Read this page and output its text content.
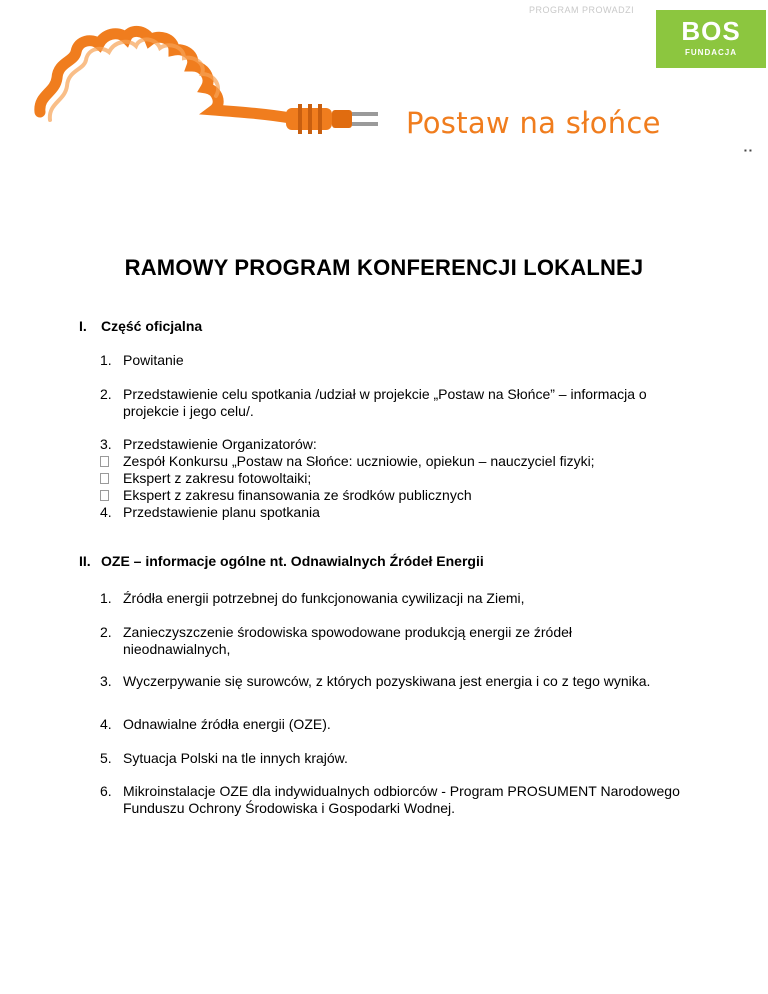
PROGRAM PROWADZI
BOS
FUNDACJA
Postaw na słońce
▪ ▪
RAMOWY PROGRAM KONFERENCJI LOKALNEJ
I. Część oficjalna
1. Powitanie
2. Przedstawienie celu spotkania /udział w projekcie „Postaw na Słońce” – informacja o projekcie i jego celu/.
3. Przedstawienie Organizatorów:
Zespół Konkursu „Postaw na Słońce: uczniowie, opiekun – nauczyciel fizyki;
Ekspert z zakresu fotowoltaiki;
Ekspert z zakresu finansowania ze środków publicznych
4. Przedstawienie planu spotkania
II. OZE – informacje ogólne nt. Odnawialnych Źródeł Energii
1. Źródła energii potrzebnej do funkcjonowania cywilizacji na Ziemi,
2. Zanieczyszczenie środowiska spowodowane produkcją energii ze źródeł nieodnawialnych,
3. Wyczerpywanie się surowców, z których pozyskiwana jest energia i co z tego wynika.
4. Odnawialne źródła energii (OZE).
5. Sytuacja Polski na tle innych krajów.
6. Mikroinstalacje OZE dla indywidualnych odbiorców - Program PROSUMENT Narodowego Funduszu Ochrony Środowiska i Gospodarki Wodnej.
